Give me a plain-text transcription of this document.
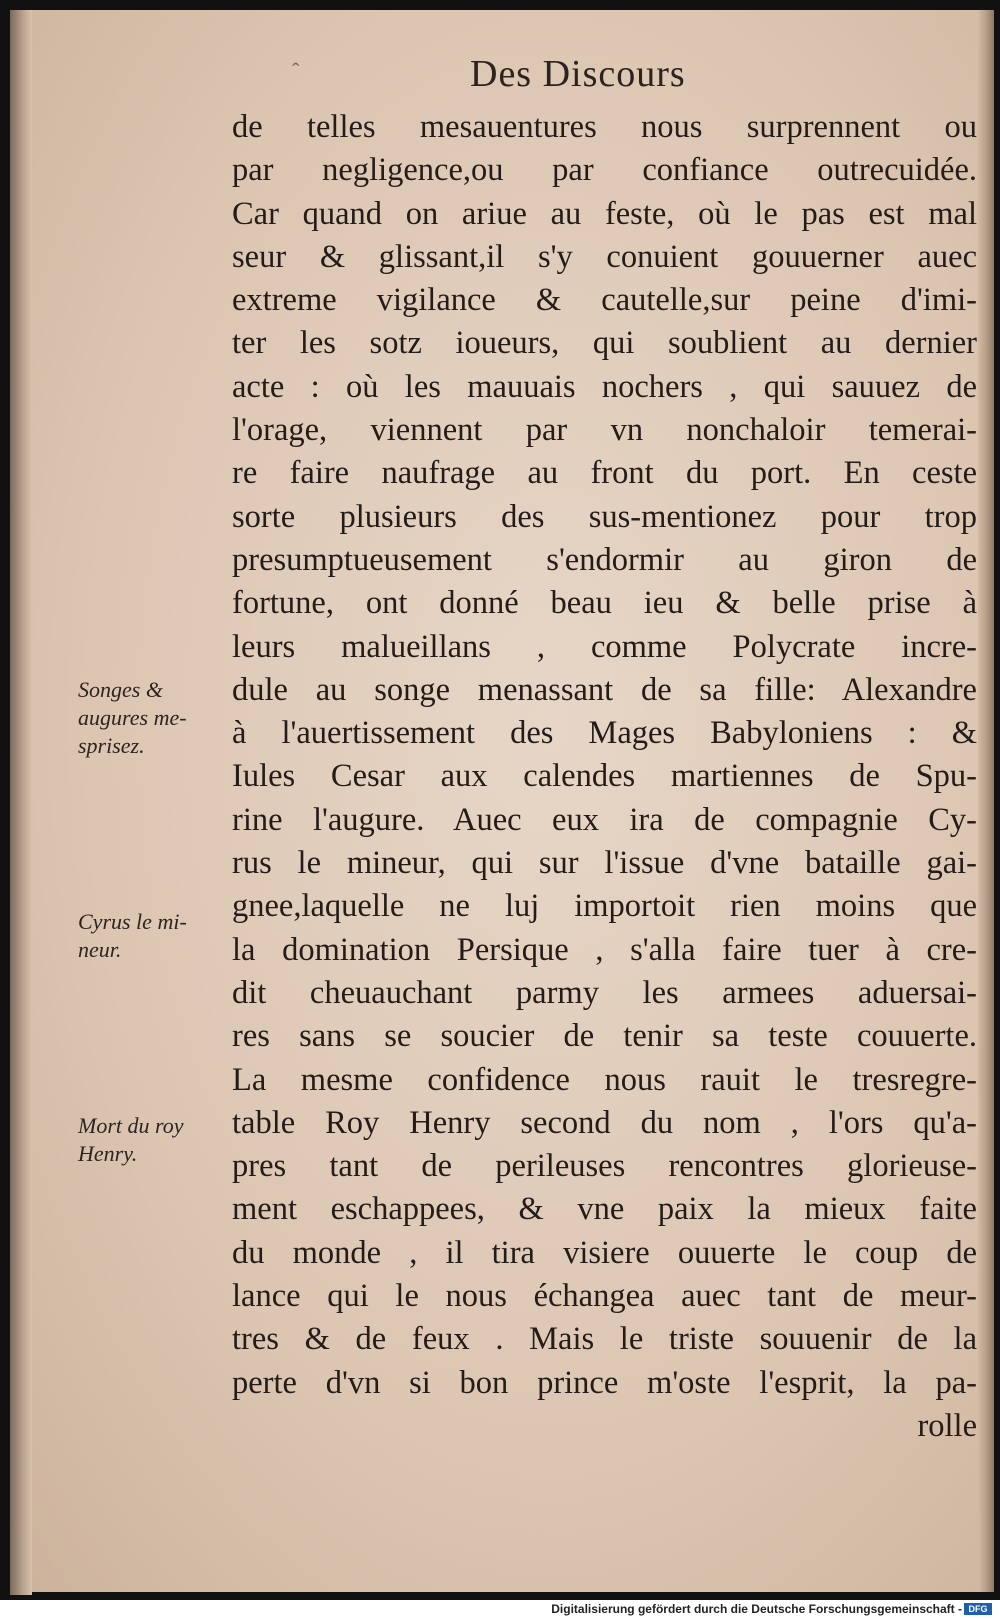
ˆ	Des Discours
de telles mesauentures nous surprennent ou
par negligence,ou par confiance outrecuidée.
Car quand on ariue au feste, où le pas est mal
seur & glissant,il s'y conuient gouuerner auec
extreme vigilance & cautelle,sur peine d'imi-
ter les sotz ioueurs, qui soublient au dernier
acte : où les mauuais nochers , qui sauuez de
l'orage, viennent par vn nonchaloir temerai-
re faire naufrage au front du port. En ceste
sorte plusieurs des sus-mentionez pour trop
presumptueusement s'endormir au giron de
fortune, ont donné beau ieu & belle prise à
leurs malueillans , comme Polycrate incre-
dule au songe menassant de sa fille: Alexandre
à l'auertissement des Mages Babyloniens : &
Iules Cesar aux calendes martiennes de Spu-
rine l'augure. Auec eux ira de compagnie Cy-
rus le mineur, qui sur l'issue d'vne bataille gai-
gnee,laquelle ne luj importoit rien moins que
la domination Persique , s'alla faire tuer à cre-
dit cheuauchant parmy les armees aduersai-
res sans se soucier de tenir sa teste couuerte.
La mesme confidence nous rauit le tresregre-
table Roy Henry second du nom , l'ors qu'a-
pres tant de perileuses rencontres glorieuse-
ment eschappees, & vne paix la mieux faite
du monde , il tira visiere ouuerte le coup de
lance qui le nous échangea auec tant de meur-
tres & de feux . Mais le triste souuenir de la
perte d'vn si bon prince m'oste l'esprit, la pa-
rolle
Songes &
augures me-
sprisez.
Cyrus le mi-
neur.
Mort du roy
Henry.
Digitalisierung gefördert durch die Deutsche Forschungsgemeinschaft - DFG
